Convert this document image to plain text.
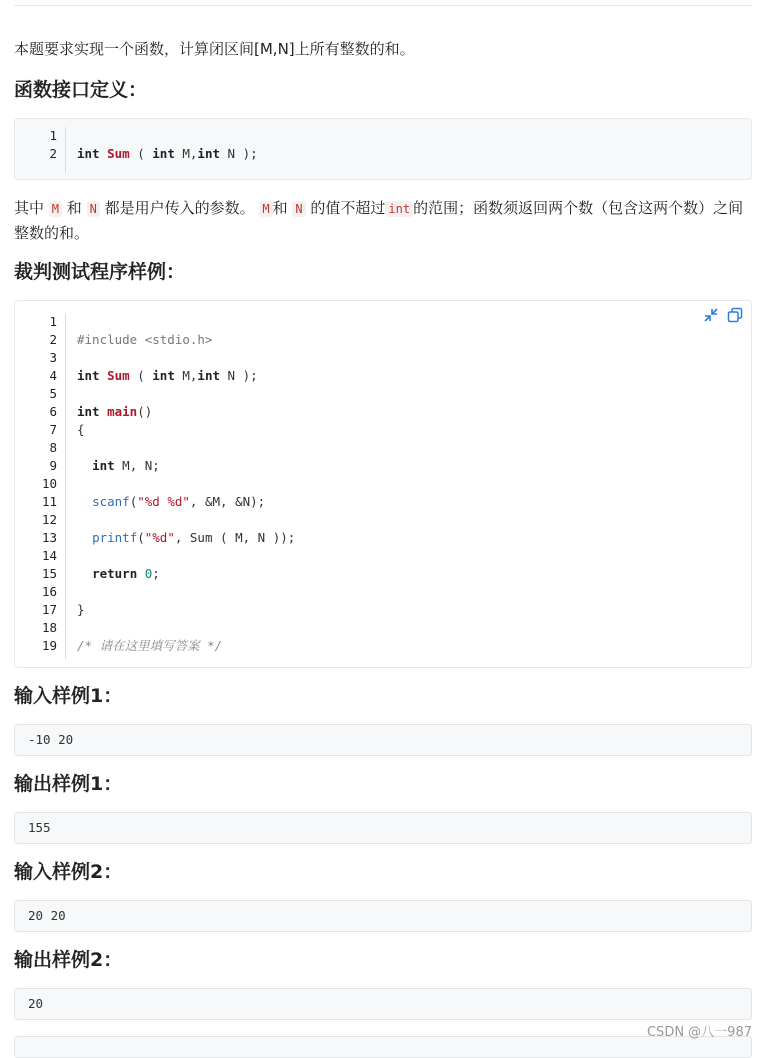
本题要求实现一个函数，计算闭区间[M,N]上所有整数的和。
函数接口定义：
1
2	int Sum ( int M,int N );
其中 M 和 N 都是用户传入的参数。 M 和 N 的值不超过 int 的范围；函数须返回两个数（包含这两个数）之间整数的和。
裁判测试程序样例：
1
2
3
4
5
6
7
8
9
10
11
12
13
14
15
16
17
18
19
#include <stdio.h>
int Sum ( int M,int N );
int main()
{
int M, N;
scanf("%d %d", &M, &N);
printf("%d", Sum ( M, N ));
return 0;
}
/* 请在这里填写答案 */
输入样例1：
-10 20
输出样例1：
155
输入样例2：
20 20
输出样例2：
20
CSDN @八一987
